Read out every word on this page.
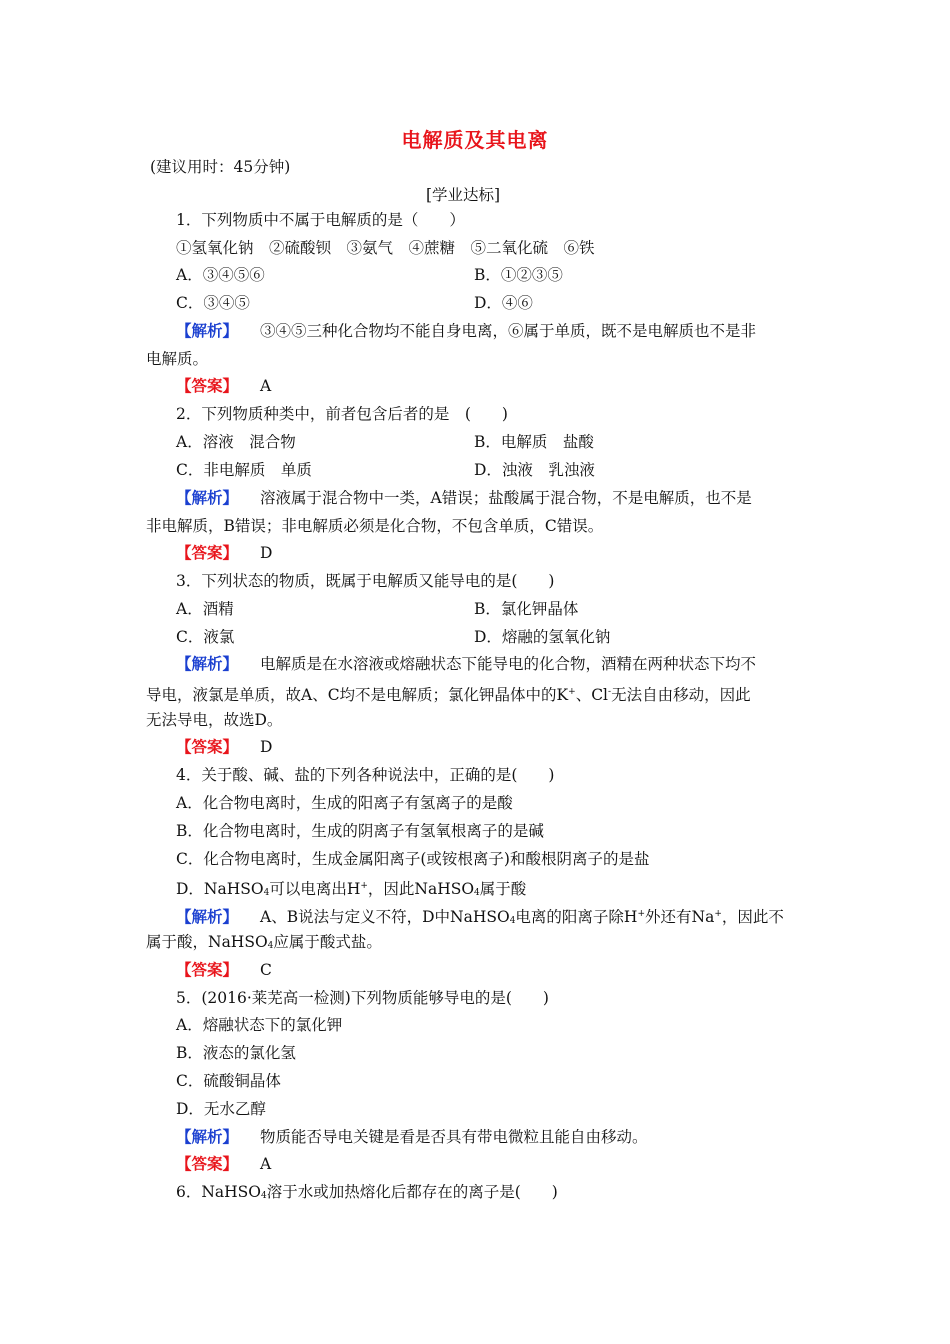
电解质及其电离
(建议用时：45分钟)
[学业达标]
1．下列物质中不属于电解质的是（　　）
①氢氧化钠　②硫酸钡　③氨气　④蔗糖　⑤二氧化硫　⑥铁
A．③④⑤⑥	B．①②③⑤
C．③④⑤	D．④⑥
【解析】 ③④⑤三种化合物均不能自身电离，⑥属于单质，既不是电解质也不是非
电解质。
【答案】 A
2．下列物质种类中，前者包含后者的是　(　　)
A．溶液　混合物	B．电解质　盐酸
C．非电解质　单质	D．浊液　乳浊液
【解析】 溶液属于混合物中一类，A错误；盐酸属于混合物，不是电解质，也不是
非电解质，B错误；非电解质必须是化合物，不包含单质，C错误。
【答案】 D
3．下列状态的物质，既属于电解质又能导电的是(　　)
A．酒精	B．氯化钾晶体
C．液氯	D．熔融的氢氧化钠
【解析】 电解质是在水溶液或熔融状态下能导电的化合物，酒精在两种状态下均不
导电，液氯是单质，故A、C均不是电解质；氯化钾晶体中的K+、Cl-无法自由移动，因此
无法导电，故选D。
【答案】 D
4．关于酸、碱、盐的下列各种说法中，正确的是(　　)
A．化合物电离时，生成的阳离子有氢离子的是酸
B．化合物电离时，生成的阴离子有氢氧根离子的是碱
C．化合物电离时，生成金属阳离子(或铵根离子)和酸根阴离子的是盐
D．NaHSO4可以电离出H+，因此NaHSO4属于酸
【解析】 A、B说法与定义不符，D中NaHSO4电离的阳离子除H+外还有Na+，因此不
属于酸，NaHSO4应属于酸式盐。
【答案】 C
5．(2016·莱芜高一检测)下列物质能够导电的是(　　)
A．熔融状态下的氯化钾
B．液态的氯化氢
C．硫酸铜晶体
D．无水乙醇
【解析】 物质能否导电关键是看是否具有带电微粒且能自由移动。
【答案】 A
6．NaHSO4溶于水或加热熔化后都存在的离子是(　　)
